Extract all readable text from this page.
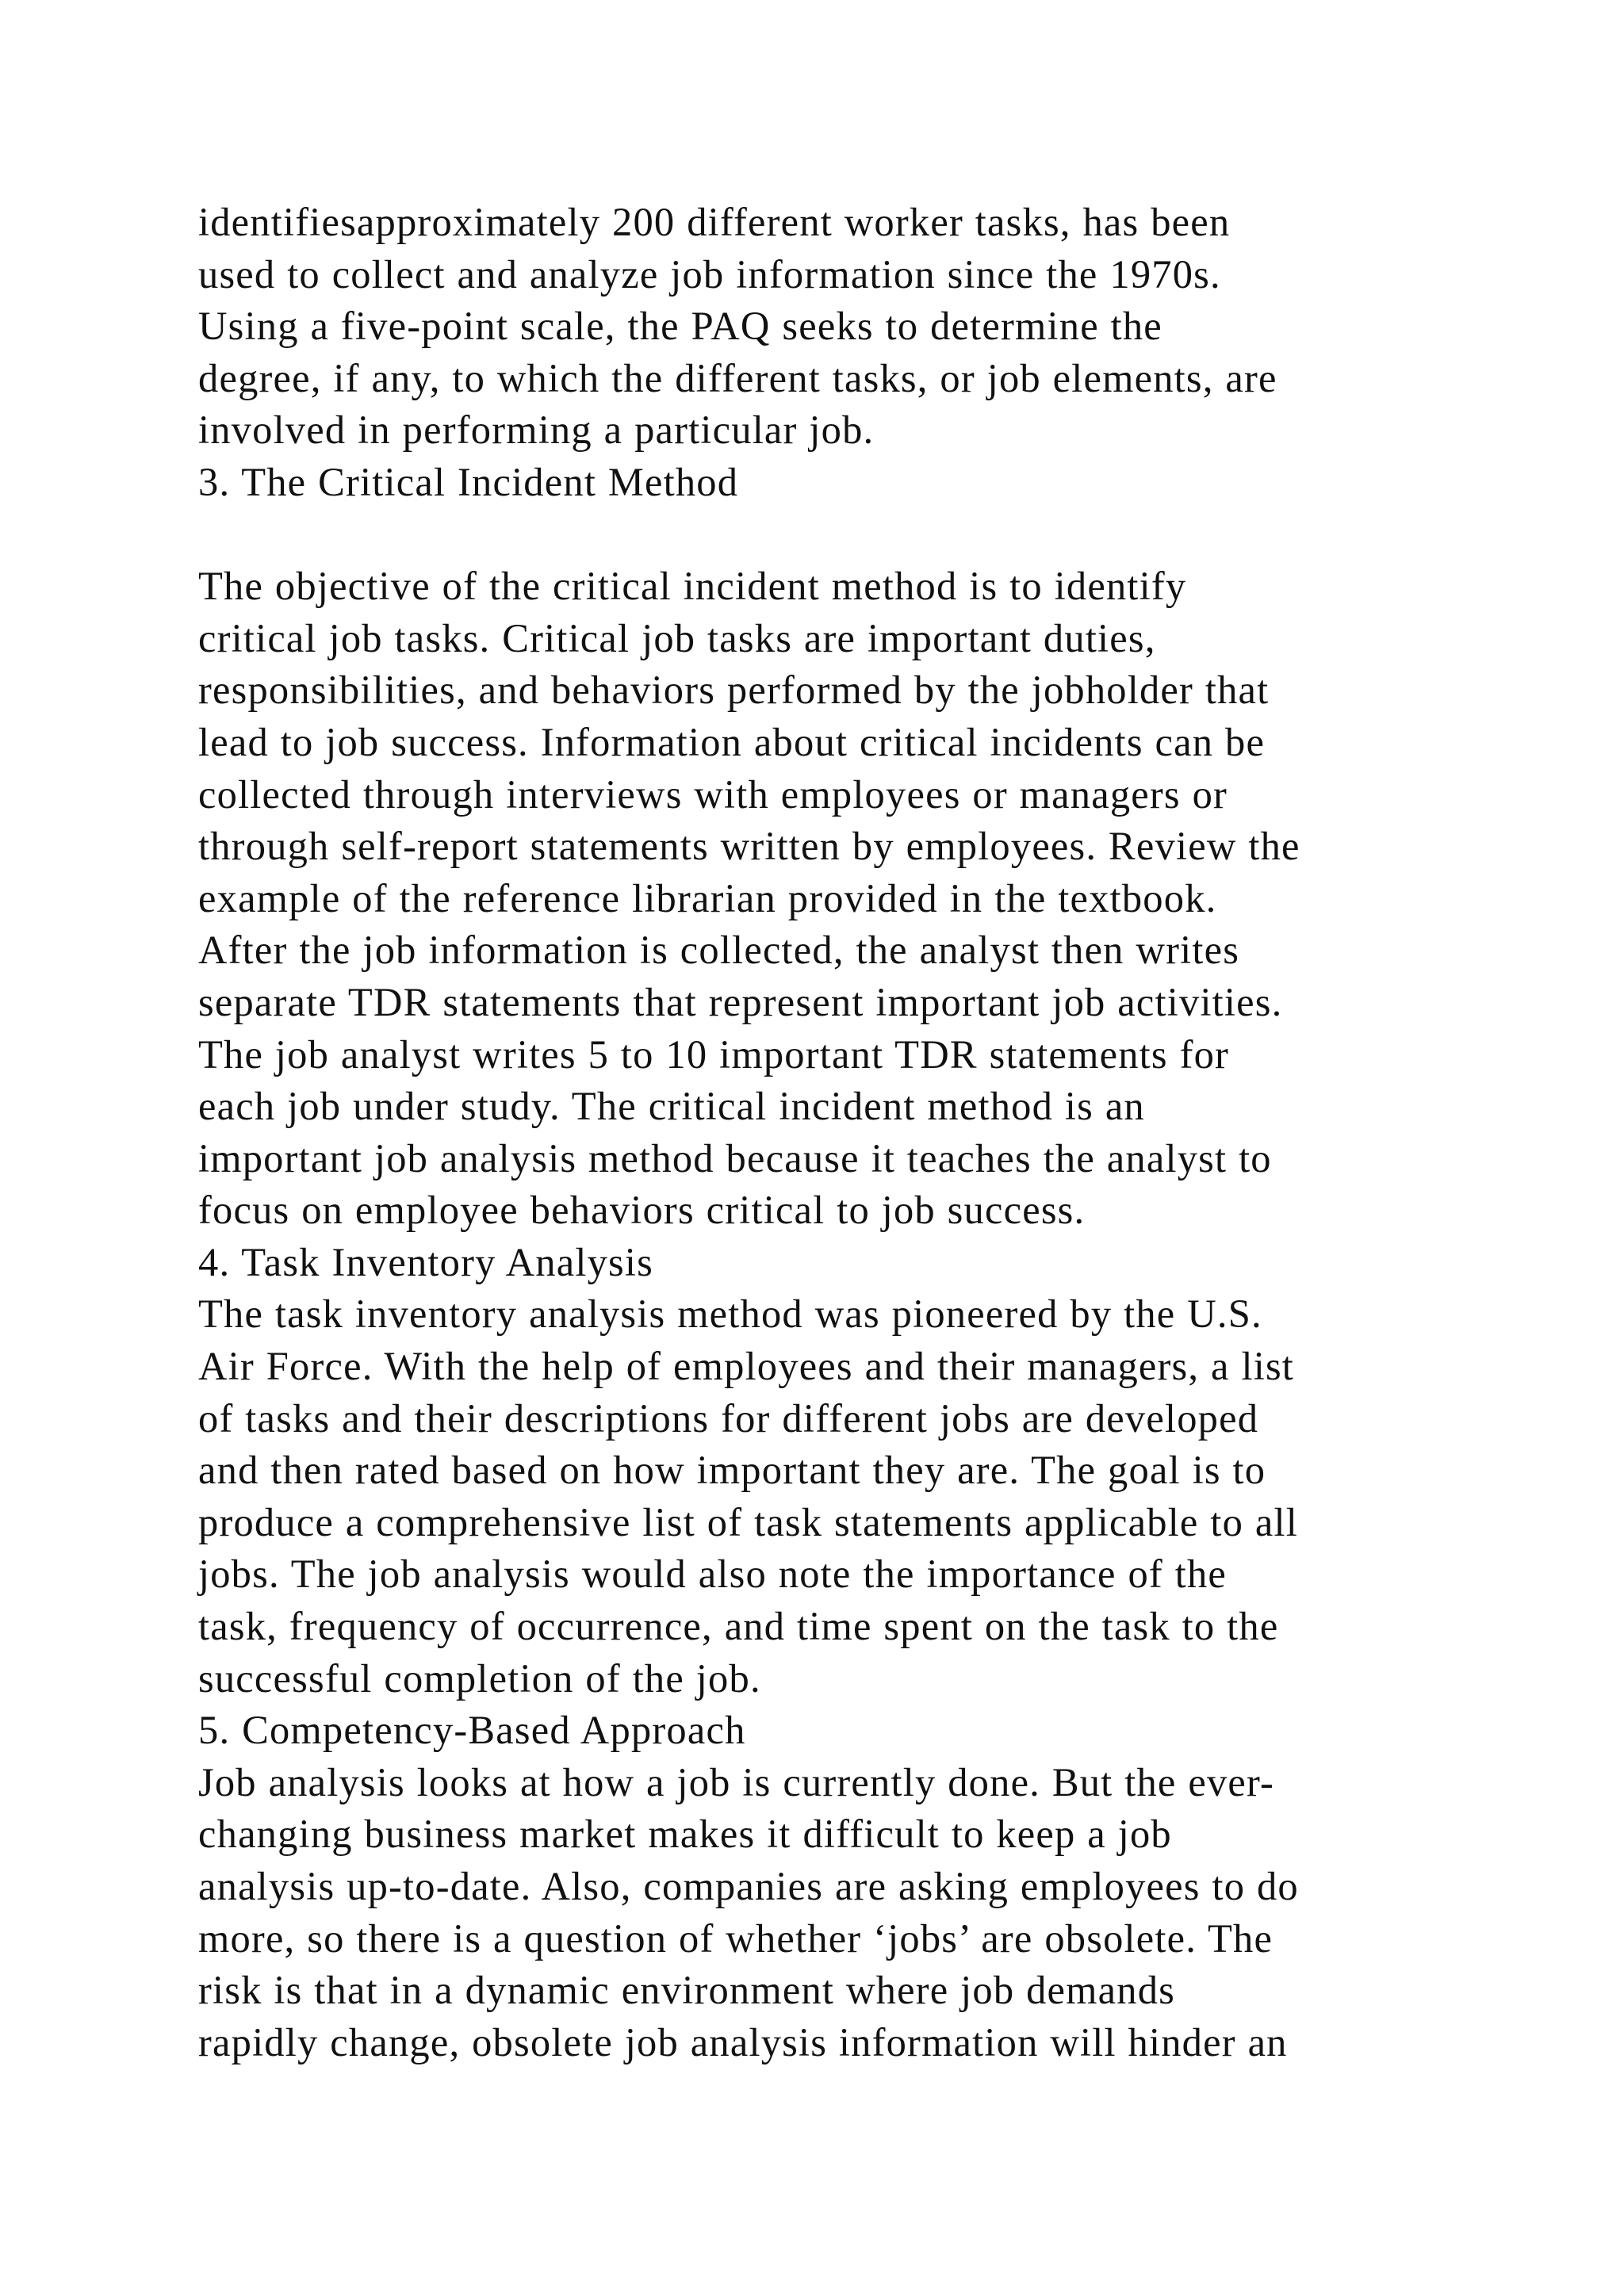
identifiesapproximately 200 different worker tasks, has been
used to collect and analyze job information since the 1970s.
Using a five-point scale, the PAQ seeks to determine the
degree, if any, to which the different tasks, or job elements, are
involved in performing a particular job.
3. The Critical Incident Method
The objective of the critical incident method is to identify
critical job tasks. Critical job tasks are important duties,
responsibilities, and behaviors performed by the jobholder that
lead to job success. Information about critical incidents can be
collected through interviews with employees or managers or
through self-report statements written by employees. Review the
example of the reference librarian provided in the textbook.
After the job information is collected, the analyst then writes
separate TDR statements that represent important job activities.
The job analyst writes 5 to 10 important TDR statements for
each job under study. The critical incident method is an
important job analysis method because it teaches the analyst to
focus on employee behaviors critical to job success.
4. Task Inventory Analysis
The task inventory analysis method was pioneered by the U.S.
Air Force. With the help of employees and their managers, a list
of tasks and their descriptions for different jobs are developed
and then rated based on how important they are. The goal is to
produce a comprehensive list of task statements applicable to all
jobs. The job analysis would also note the importance of the
task, frequency of occurrence, and time spent on the task to the
successful completion of the job.
5. Competency-Based Approach
Job analysis looks at how a job is currently done. But the ever-
changing business market makes it difficult to keep a job
analysis up-to-date. Also, companies are asking employees to do
more, so there is a question of whether ‘jobs’ are obsolete. The
risk is that in a dynamic environment where job demands
rapidly change, obsolete job analysis information will hinder an
